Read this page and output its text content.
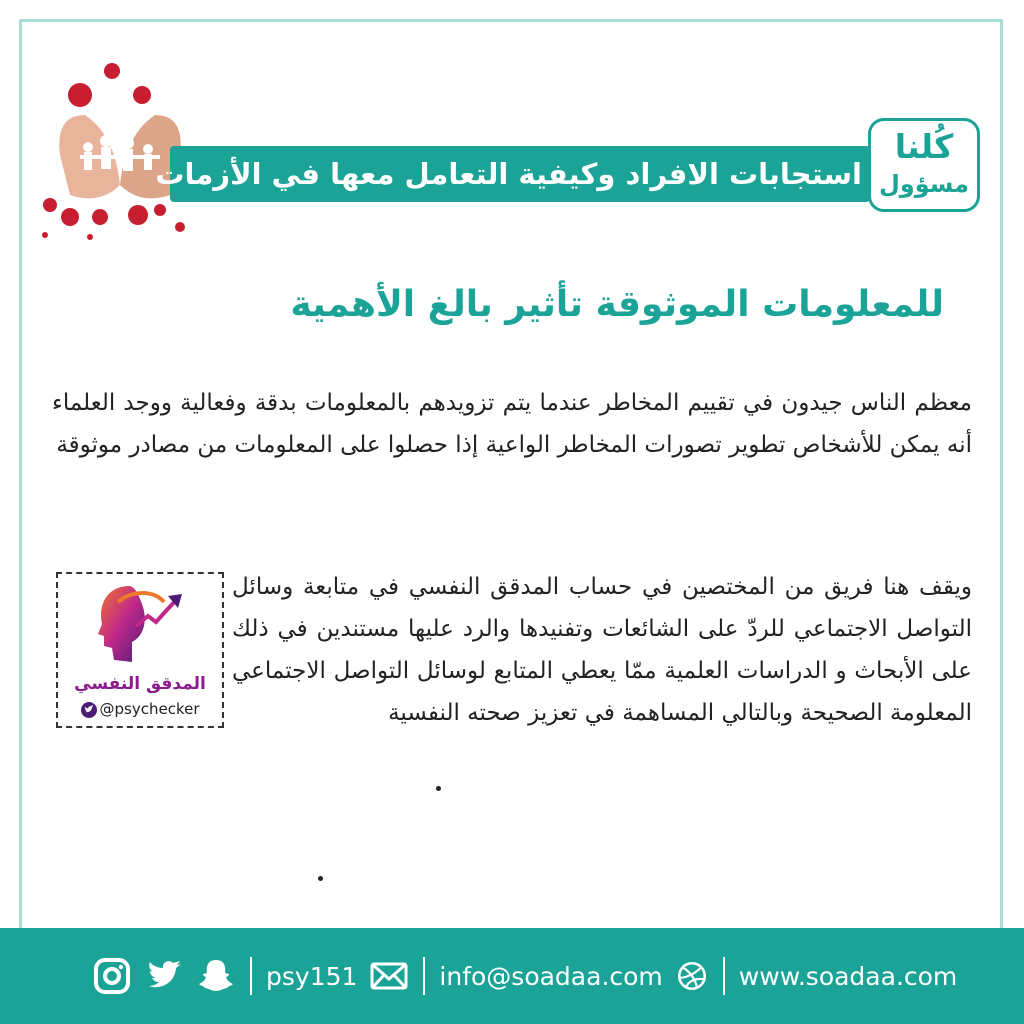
استجابات الافراد وكيفية التعامل معها في الأزمات
كُلنا
مسؤول
للمعلومات الموثوقة تأثير بالغ الأهمية
معظم الناس جيدون في تقييم المخاطر عندما يتم تزويدهم بالمعلومات بدقة وفعالية ووجد العلماء أنه يمكن للأشخاص تطوير تصورات المخاطر الواعية إذا حصلوا على المعلومات من مصادر موثوقة
ويقف هنا فريق من المختصين في حساب المدقق النفسي في متابعة وسائل التواصل الاجتماعي للردّ على الشائعات وتفنيدها والرد عليها مستندين في ذلك على الأبحاث و الدراسات العلمية ممّا يعطي المتابع لوسائل التواصل الاجتماعي المعلومة الصحيحة وبالتالي المساهمة في تعزيز صحته النفسية
المدقق النفسي
@psychecker
psy151	info@soadaa.com	www.soadaa.com
